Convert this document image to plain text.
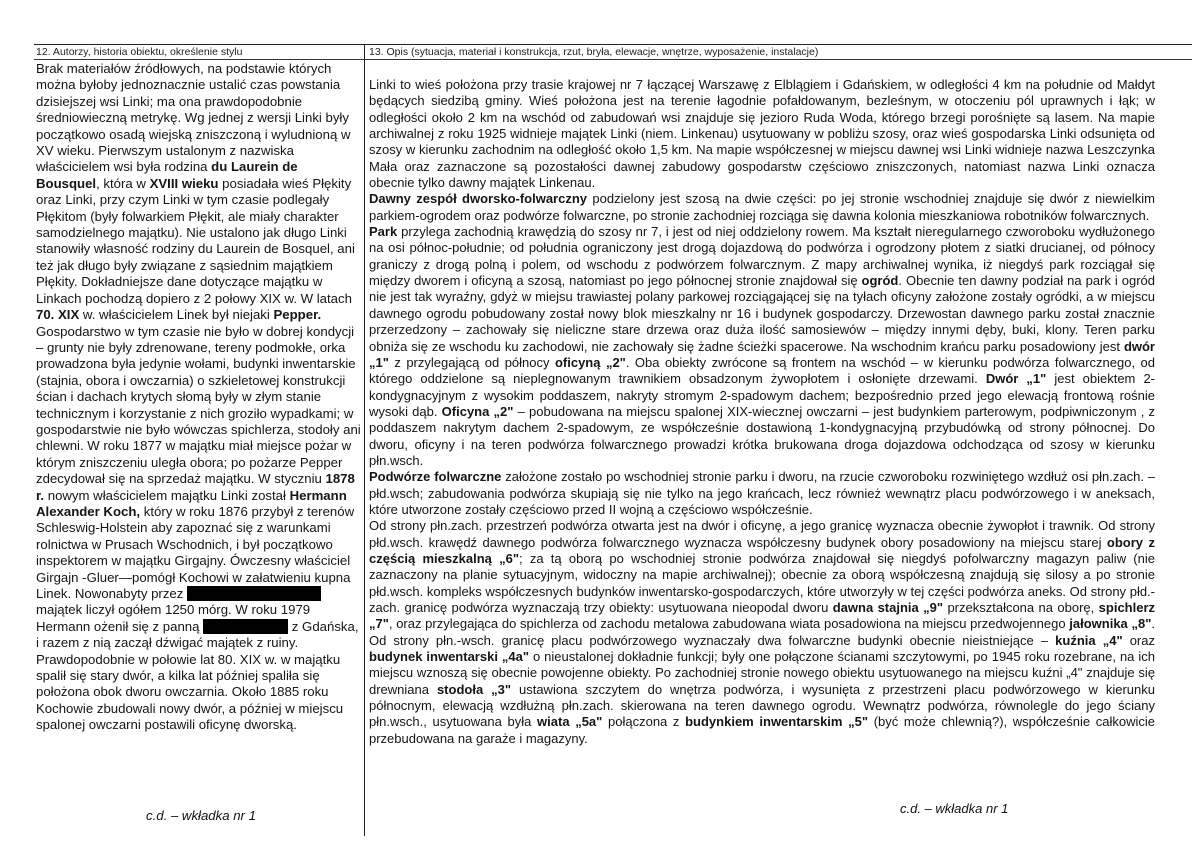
12. Autorzy, historia obiektu, określenie stylu	13. Opis (sytuacja, materiał i konstrukcja, rzut, bryła, elewacje, wnętrze, wyposażenie, instalacje)

Brak materiałów źródłowych, na podstawie których można byłoby jednoznacznie ustalić czas powstania dzisiejszej wsi Linki; ma ona prawdopodobnie średniowieczną metrykę. Wg jednej z wersji Linki były początkowo osadą wiejską zniszczoną i wyludnioną w XV wieku. Pierwszym ustalonym z nazwiska właścicielem wsi była rodzina du Laurein de Bousquel, która w XVIII wieku posiadała wieś Płękity oraz Linki, przy czym Linki w tym czasie podlegały Płękitom (były folwarkiem Płękit, ale miały charakter samodzielnego majątku). Nie ustalono jak długo Linki stanowiły własność rodziny du Laurein de Bosquel, ani też jak długo były związane z sąsiednim majątkiem Płękity. Dokładniejsze dane dotyczące majątku w Linkach pochodzą dopiero z 2 połowy XIX w. W latach 70. XIX w. właścicielem Linek był niejaki Pepper. Gospodarstwo w tym czasie nie było w dobrej kondycji – grunty nie były zdrenowane, tereny podmokłe, orka prowadzona była jedynie wołami, budynki inwentarskie (stajnia, obora i owczarnia) o szkieletowej konstrukcji ścian i dachach krytych słomą były w złym stanie technicznym i korzystanie z nich groziło wypadkami; w gospodarstwie nie było wówczas spichlerza, stodoły ani chlewni. W roku 1877 w majątku miał miejsce pożar w którym zniszczeniu uległa obora; po pożarze Pepper zdecydował się na sprzedaż majątku. W styczniu 1878 r. nowym właścicielem majątku Linki został Hermann Alexander Koch, który w roku 1876 przybył z terenów Schleswig-Holstein aby zapoznać się z warunkami rolnictwa w Prusach Wschodnich, i był początkowo inspektorem w majątku Girgajny. Ówczesny właściciel Girgajn -Gluer—pomógł Kochowi w załatwieniu kupna Linek. Nowonabyty przez  majątek liczył ogółem 1250 mórg. W roku 1979 Hermann ożenił się z panną	z Gdańska, i razem z nią zaczął dźwigać majątek z ruiny. Prawdopodobnie w połowie lat 80. XIX w. w majątku spalił się stary dwór, a kilka lat później spaliła się położona obok dworu owczarnia. Około 1885 roku Kochowie zbudowali nowy dwór, a później w miejscu spalonej owczarni postawili oficynę dworską.

c.d. – wkładka nr 1

Linki to wieś położona przy trasie krajowej nr 7 łączącej Warszawę z Elblągiem i Gdańskiem, w odległości 4 km na południe od Małdyt będących siedzibą gminy. Wieś położona jest na terenie łagodnie pofałdowanym, bezleśnym, w otoczeniu pól uprawnych i łąk; w odległości około 2 km na wschód od zabudowań wsi znajduje się jezioro Ruda Woda, którego brzegi porośnięte są lasem. Na mapie archiwalnej z roku 1925 widnieje majątek Linki (niem. Linkenau) usytuowany w pobliżu szosy, oraz wieś gospodarska Linki odsunięta od szosy w kierunku zachodnim na odległość około 1,5 km. Na mapie współczesnej w miejscu dawnej wsi Linki widnieje nazwa Leszczynka Mała oraz zaznaczone są pozostałości dawnej zabudowy gospodarstw częściowo zniszczonych, natomiast nazwa Linki oznacza obecnie tylko dawny majątek Linkenau.

Dawny zespół dworsko-folwarczny podzielony jest szosą na dwie części: po jej stronie wschodniej znajduje się dwór z niewielkim parkiem-ogrodem oraz podwórze folwarczne, po stronie zachodniej rozciąga się dawna kolonia mieszkaniowa robotników folwarcznych.

Park przylega zachodnią krawędzią do szosy nr 7, i jest od niej oddzielony rowem. Ma kształt nieregularnego czworoboku wydłużonego na osi północ-południe; od południa ograniczony jest drogą dojazdową do podwórza i ogrodzony płotem z siatki drucianej, od północy graniczy z drogą polną i polem, od wschodu z podwórzem folwarcznym. Z mapy archiwalnej wynika, iż niegdyś park rozciągał się między dworem i oficyną a szosą, natomiast po jego północnej stronie znajdował się ogród. Obecnie ten dawny podział na park i ogród nie jest tak wyraźny, gdyż w miejsu trawiastej polany parkowej rozciągającej się na tyłach oficyny założone zostały ogródki, a w miejscu dawnego ogrodu pobudowany został nowy blok mieszkalny nr 16 i budynek gospodarczy. Drzewostan dawnego parku został znacznie przerzedzony – zachowały się nieliczne stare drzewa oraz duża ilość samosiewów – między innymi dęby, buki, klony. Teren parku obniża się ze wschodu ku zachodowi, nie zachowały się żadne ścieżki spacerowe. Na wschodnim krańcu parku posadowiony jest dwór „1" z przylegającą od północy oficyną „2". Oba obiekty zwrócone są frontem na wschód – w kierunku podwórza folwarcznego, od którego oddzielone są nieplegnowanym trawnikiem obsadzonym żywopłotem i osłonięte drzewami. Dwór „1" jest obiektem 2-kondygnacyjnym z wysokim poddaszem, nakryty stromym 2-spadowym dachem; bezpośrednio przed jego elewacją frontową rośnie wysoki dąb. Oficyna „2" – pobudowana na miejscu spalonej XIX-wiecznej owczarni – jest budynkiem parterowym, podpiwniczonym , z poddaszem nakrytym dachem 2-spadowym, ze współcześnie dostawioną 1-kondygnacyjną przybudówką od strony północnej. Do dworu, oficyny i na teren podwórza folwarcznego prowadzi krótka brukowana droga dojazdowa odchodząca od szosy w kierunku płn.wsch.

Podwórze folwarczne założone zostało po wschodniej stronie parku i dworu, na rzucie czworoboku rozwiniętego wzdłuż osi płn.zach. – płd.wsch; zabudowania podwórza skupiają się nie tylko na jego krańcach, lecz również wewnątrz placu podwórzowego i w aneksach, które utworzone zostały częściowo przed II wojną a częściowo współcześnie.

Od strony płn.zach. przestrzeń podwórza otwarta jest na dwór i oficynę, a jego granicę wyznacza obecnie żywopłot i trawnik. Od strony płd.wsch. krawędź dawnego podwórza folwarcznego wyznacza współczesny budynek obory posadowiony na miejscu starej obory z częścią mieszkalną „6"; za tą oborą po wschodniej stronie podwórza znajdował się niegdyś pofolwarczny magazyn paliw (nie zaznaczony na planie sytuacyjnym, widoczny na mapie archiwalnej); obecnie za oborą współczesną znajdują się silosy a po stronie płd.wsch. kompleks współczesnych budynków inwentarsko-gospodarczych, które utworzyły w tej części podwórza aneks. Od strony płd.-zach. granicę podwórza wyznaczają trzy obiekty: usytuowana nieopodal dworu dawna stajnia „9" przekształcona na oborę, spichlerz „7", oraz przylegająca do spichlerza od zachodu metalowa zabudowana wiata posadowiona na miejscu przedwojennego jałownika „8". Od strony płn.-wsch. granicę placu podwórzowego wyznaczały dwa folwarczne budynki obecnie nieistniejące – kuźnia „4" oraz budynek inwentarski „4a" o nieustalonej dokładnie funkcji; były one połączone ścianami szczytowymi, po 1945 roku rozebrane, na ich miejscu wznoszą się obecnie powojenne obiekty. Po zachodniej stronie nowego obiektu usytuowanego na miejscu kuźni „4" znajduje się drewniana stodoła „3" ustawiona szczytem do wnętrza podwórza, i wysunięta z przestrzeni placu podwórzowego w kierunku północnym, elewacją wzdłużną płn.zach. skierowana na teren dawnego ogrodu. Wewnątrz podwórza, równolegle do jego ściany płn.wsch., usytuowana była wiata „5a" połączona z budynkiem inwentarskim „5" (być może chlewnią?), współcześnie całkowicie przebudowana na garaże i magazyny.

c.d. – wkładka nr 1
